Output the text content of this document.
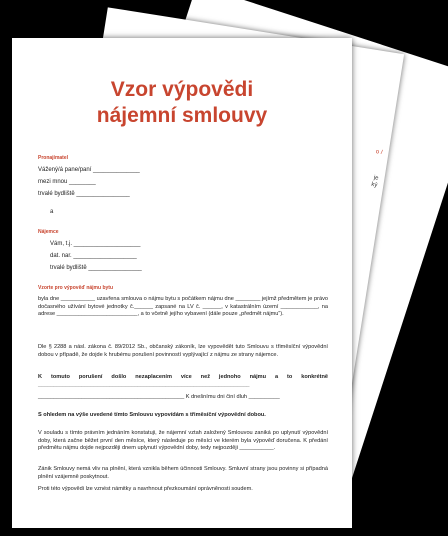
o /
je
ký
Vzor výpovědi
nájemní smlouvy
Pronajímatel
Vážený/á pane/paní ______________
mezi mnou ________
trvalé bydliště ________________
a
Nájemce
Vám, t.j. ____________________
dat. nar. ___________________
trvalé bydliště ________________
Vzorte pro výpověď nájmu bytu
byla dne ___________ uzavřena smlouva o nájmu bytu s počátkem nájmu dne ________ jejímž předmětem je právo dočasného užívání bytové jednotky č.______ zapsané na LV č. ______, v katastrálním území ____________, na adrese __________________________, a to včetně jejího vybavení (dále pouze „předmět nájmu“).
Dle § 2288 a násl. zákona č. 89/2012 Sb., občanský zákoník, lze vypovědět tuto Smlouvu s třiměsíční výpovědní dobou v případě, že dojde k hrubému porušení povinností vyplývající z nájmu ze strany nájemce.
K tomuto porušení došlo nezaplacením více než jednoho nájmu a to konkrétně ____________________________________________________________________
_______________________________________________ K dnešnímu dni činí dluh __________
S ohledem na výše uvedené tímto Smlouvu vypovídám s třiměsíční výpovědní dobou.
V souladu s tímto právním jednáním konstatuji, že nájemní vztah založený Smlouvou zaniká po uplynutí výpovědní doby, která začne běžet první den měsíce, který následuje po měsíci ve kterém byla výpověď doručena. K předání předmětu nájmu dojde nejpozději dnem uplynutí výpovědní doby, tedy nejpozději ___________.
Zánik Smlouvy nemá vliv na plnění, která vznikla během účinnosti Smlouvy. Smluvní strany jsou povinny si případná plnění vzájemně poskytnout.
Proti této výpovědi lze vznést námitky a navrhnout přezkoumání oprávněnosti soudem.
